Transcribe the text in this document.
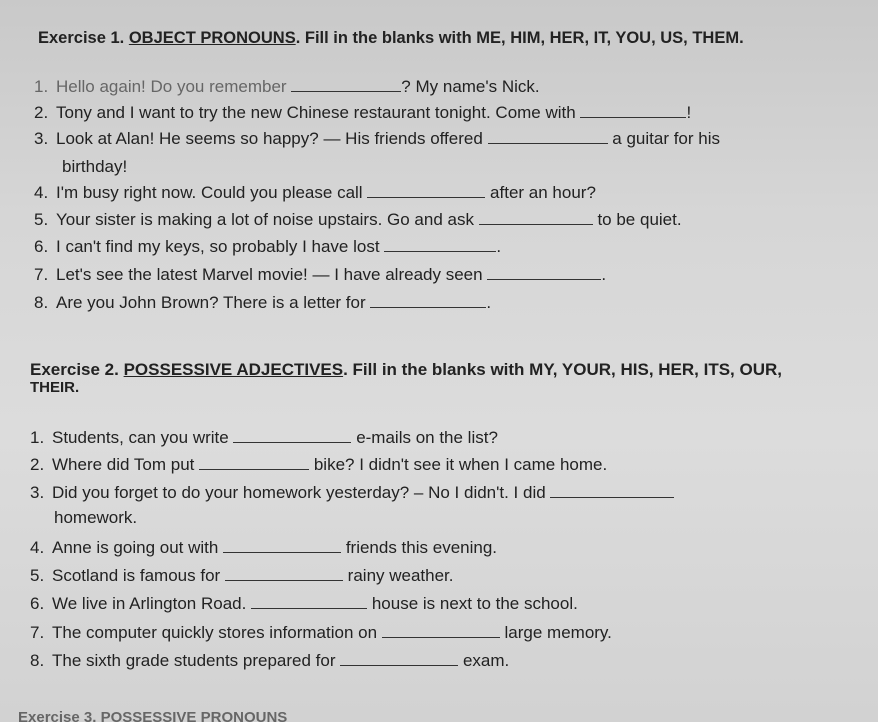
Exercise 1. OBJECT PRONOUNS. Fill in the blanks with ME, HIM, HER, IT, YOU, US, THEM.
1. Hello again! Do you remember	? My name's Nick.
2. Tony and I want to try the new Chinese restaurant tonight. Come with	!
3. Look at Alan! He seems so happy? — His friends offered	a guitar for his
birthday!
4. I'm busy right now. Could you please call	after an hour?
5. Your sister is making a lot of noise upstairs. Go and ask	to be quiet.
6. I can't find my keys, so probably I have lost	.
7. Let's see the latest Marvel movie! — I have already seen	.
8. Are you John Brown? There is a letter for	.
Exercise 2. POSSESSIVE ADJECTIVES. Fill in the blanks with MY, YOUR, HIS, HER, ITS, OUR,
THEIR.
1. Students, can you write	e-mails on the list?
2. Where did Tom put	bike? I didn't see it when I came home.
3. Did you forget to do your homework yesterday? – No I didn't. I did
homework.
4. Anne is going out with	friends this evening.
5. Scotland is famous for	rainy weather.
6. We live in Arlington Road.	house is next to the school.
7. The computer quickly stores information on	large memory.
8. The sixth grade students prepared for	exam.
Exercise 3. POSSESSIVE PRONOUNS
